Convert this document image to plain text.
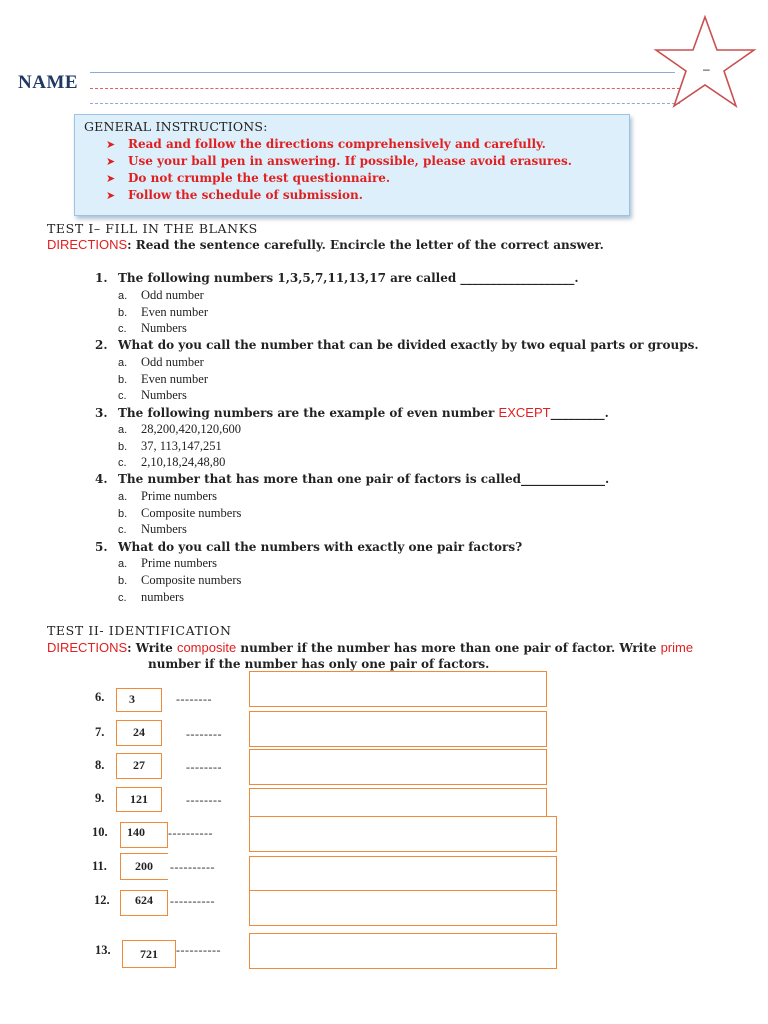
NAME
–
GENERAL INSTRUCTIONS:
➤ Read and follow the directions comprehensively and carefully.
➤ Use your ball pen in answering. If possible, please avoid erasures.
➤ Do not crumple the test questionnaire.
➤ Follow the schedule of submission.
TEST I– FILL IN THE BLANKS
DIRECTIONS: Read the sentence carefully. Encircle the letter of the correct answer.
1. The following numbers 1,3,5,7,11,13,17 are called ___________________.
a. Odd number
b. Even number
c. Numbers
2. What do you call the number that can be divided exactly by two equal parts or groups.
a. Odd number
b. Even number
c. Numbers
3. The following numbers are the example of even number EXCEPT_________.
a. 28,200,420,120,600
b. 37, 113,147,251
c. 2,10,18,24,48,80
4. The number that has more than one pair of factors is called______________.
a. Prime numbers
b. Composite numbers
c. Numbers
5. What do you call the numbers with exactly one pair factors?
a. Prime numbers
b. Composite numbers
c. numbers
TEST II- IDENTIFICATION
DIRECTIONS: Write composite number if the number has more than one pair of factor. Write prime
number if the number has only one pair of factors.
6.	3	--------
7.	24	--------
8.	27	--------
9.	121	--------
10.	140	----------
11.	200	----------
12.	624	----------
13.	721	----------
